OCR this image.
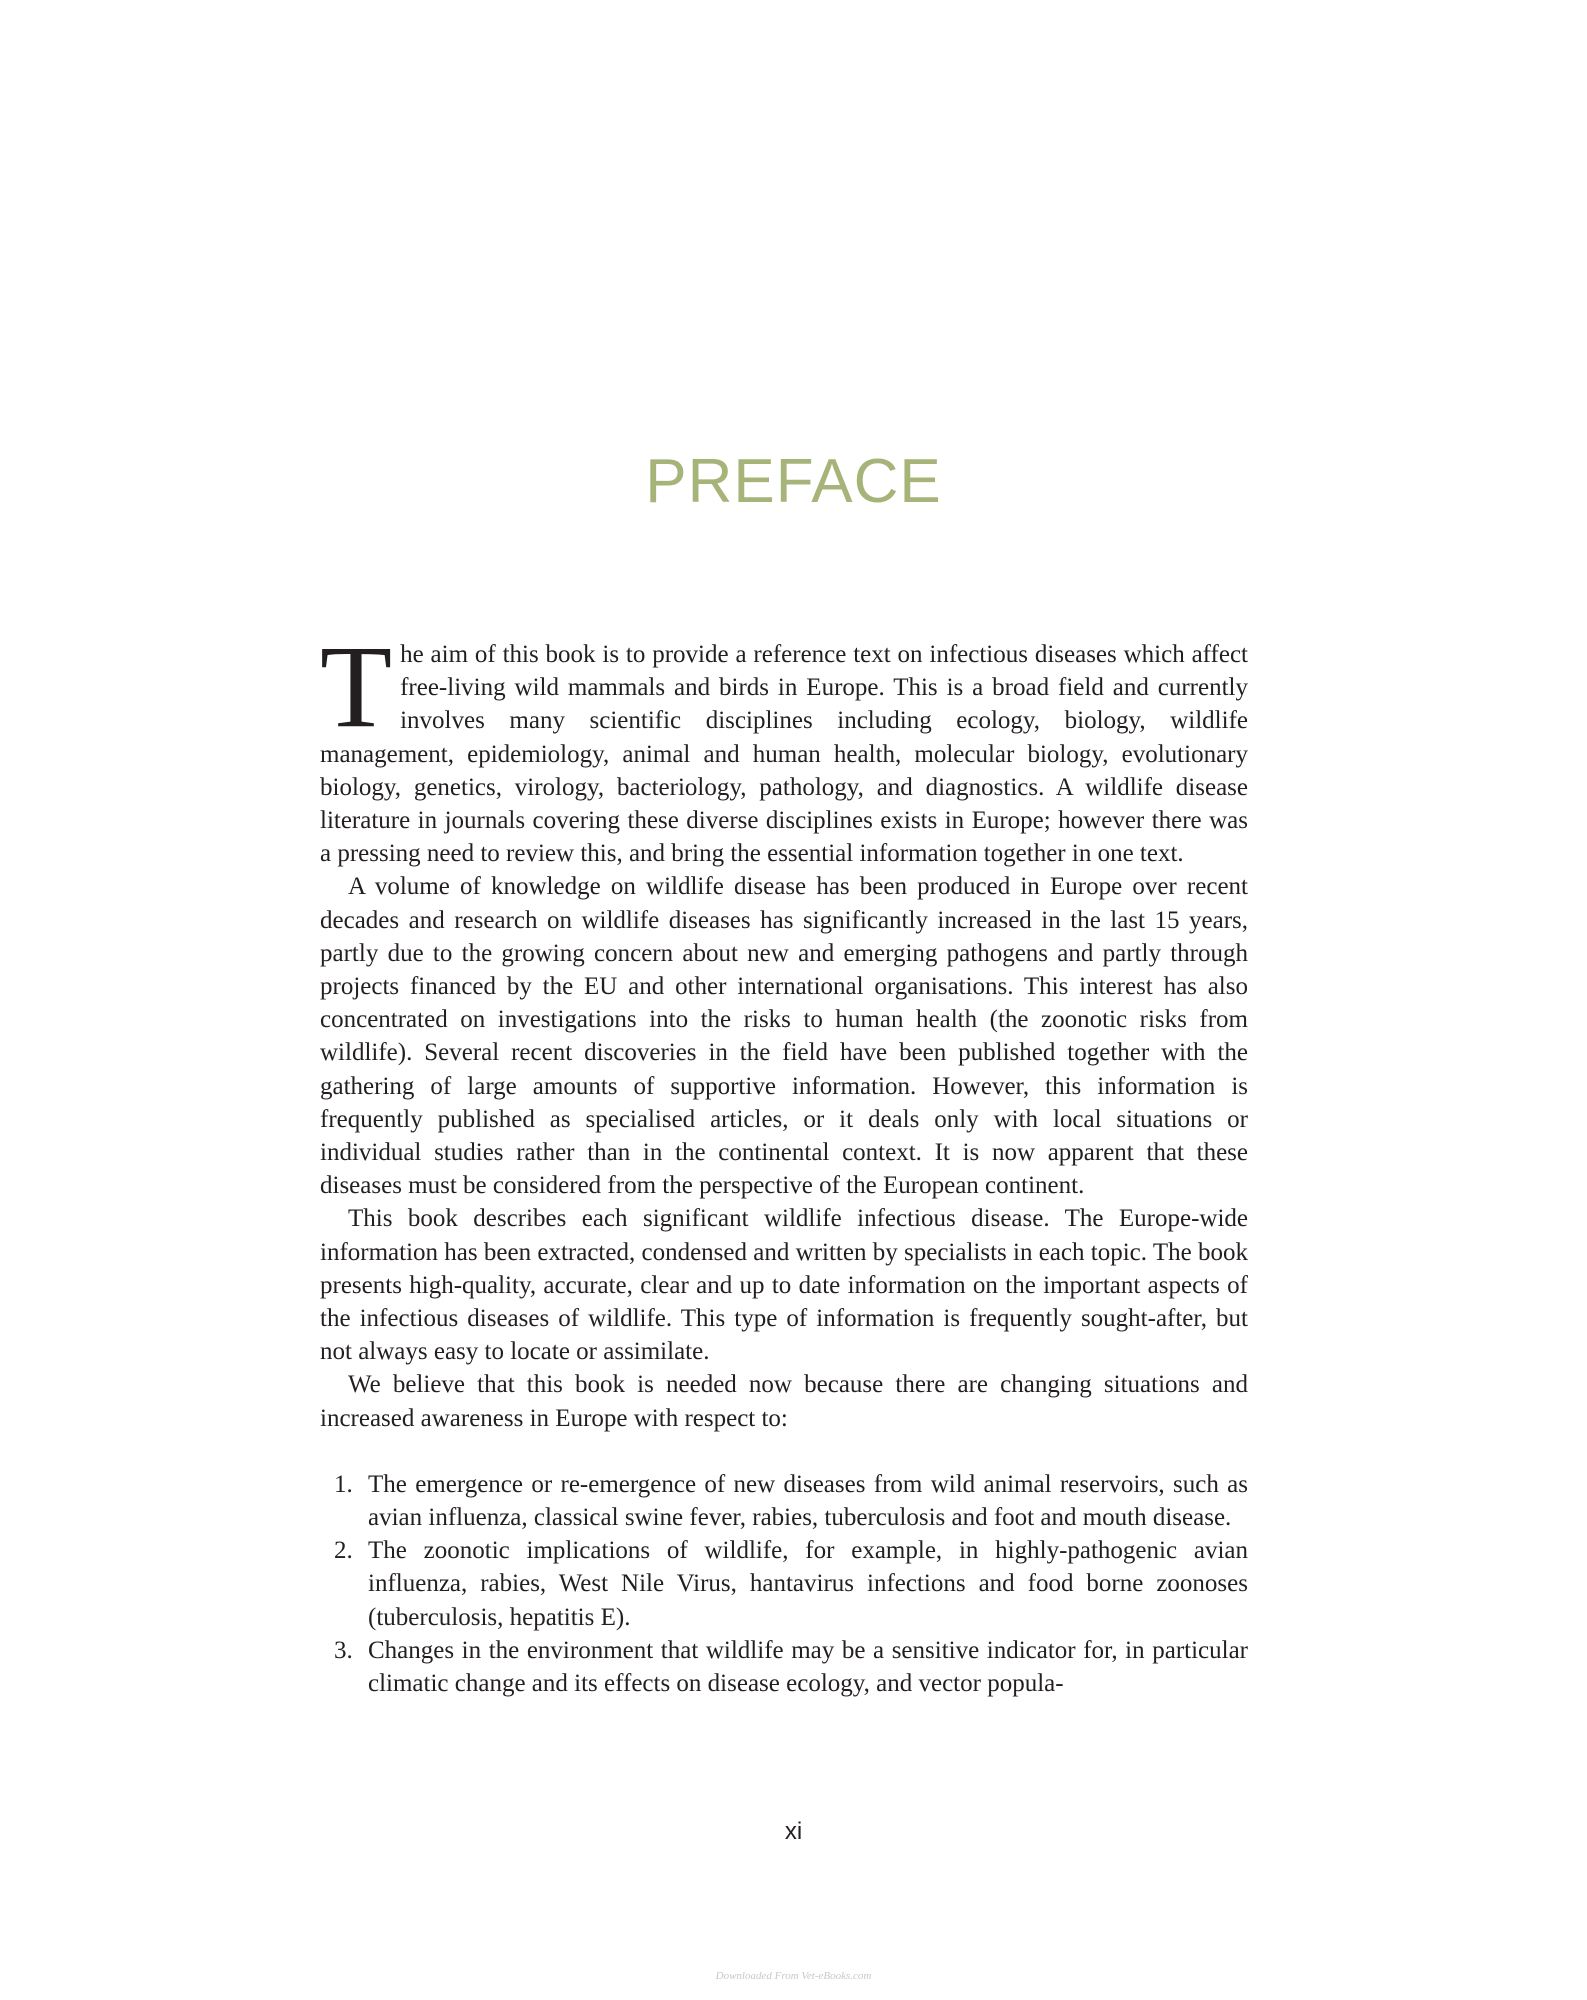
PREFACE

The aim of this book is to provide a reference text on infectious diseases which affect free-living wild mammals and birds in Europe. This is a broad field and currently involves many scientific disciplines including ecology, biology, wildlife management, epidemiology, animal and human health, molecular biology, evolutionary biology, genetics, virology, bacteriology, pathology, and diagnostics. A wildlife disease literature in journals covering these diverse disciplines exists in Europe; however there was a pressing need to review this, and bring the essential information together in one text.

A volume of knowledge on wildlife disease has been produced in Europe over recent decades and research on wildlife diseases has significantly increased in the last 15 years, partly due to the growing concern about new and emerging pathogens and partly through projects financed by the EU and other international organisations. This interest has also concentrated on investigations into the risks to human health (the zoonotic risks from wildlife). Several recent discoveries in the field have been published together with the gathering of large amounts of supportive information. However, this information is frequently published as specialised articles, or it deals only with local situations or individual studies rather than in the continental context. It is now apparent that these diseases must be considered from the perspective of the European continent.

This book describes each significant wildlife infectious disease. The Europe-wide information has been extracted, condensed and written by specialists in each topic. The book presents high-quality, accurate, clear and up to date information on the important aspects of the infectious diseases of wildlife. This type of information is frequently sought-after, but not always easy to locate or assimilate.

We believe that this book is needed now because there are changing situations and increased awareness in Europe with respect to:

1. The emergence or re-emergence of new diseases from wild animal reservoirs, such as avian influenza, classical swine fever, rabies, tuberculosis and foot and mouth disease.
2. The zoonotic implications of wildlife, for example, in highly-pathogenic avian influenza, rabies, West Nile Virus, hantavirus infections and food borne zoonoses (tuberculosis, hepatitis E).
3. Changes in the environment that wildlife may be a sensitive indicator for, in particular climatic change and its effects on disease ecology, and vector popula-
xi
Downloaded From Vet-eBooks.com
